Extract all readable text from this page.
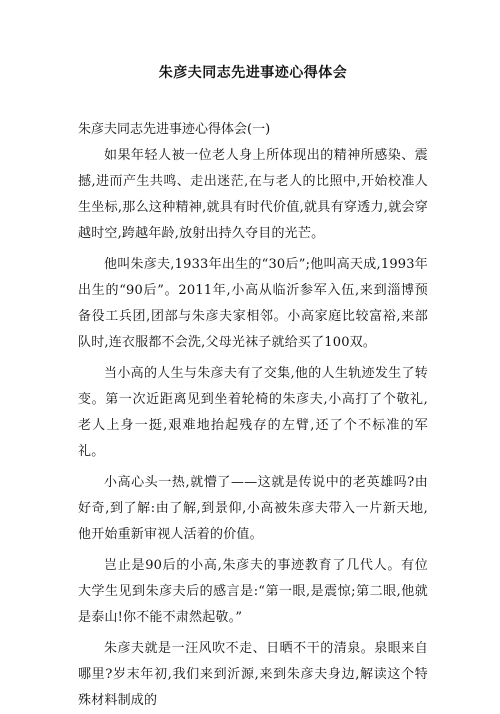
朱彦夫同志先进事迹心得体会
朱彦夫同志先进事迹心得体会(一)

如果年轻人被一位老人身上所体现出的精神所感染、震撼,进而产生共鸣、走出迷茫,在与老人的比照中,开始校准人生坐标,那么这种精神,就具有时代价值,就具有穿透力,就会穿越时空,跨越年龄,放射出持久夺目的光芒。

他叫朱彦夫,1933年出生的“30后”;他叫高天成,1993年出生的“90后”。2011年,小高从临沂参军入伍,来到淄博预备役工兵团,团部与朱彦夫家相邻。小高家庭比较富裕,来部队时,连衣服都不会洗,父母光袜子就给买了100双。

当小高的人生与朱彦夫有了交集,他的人生轨迹发生了转变。第一次近距离见到坐着轮椅的朱彦夫,小高打了个敬礼,老人上身一挺,艰难地抬起残存的左臂,还了个不标准的军礼。

小高心头一热,就懵了——这就是传说中的老英雄吗?由好奇,到了解:由了解,到景仰,小高被朱彦夫带入一片新天地,他开始重新审视人活着的价值。

岂止是90后的小高,朱彦夫的事迹教育了几代人。有位大学生见到朱彦夫后的感言是:“第一眼,是震惊;第二眼,他就是泰山!你不能不肃然起敬。”

朱彦夫就是一汪风吹不走、日晒不干的清泉。泉眼来自哪里?岁末年初,我们来到沂源,来到朱彦夫身边,解读这个特殊材料制成的
